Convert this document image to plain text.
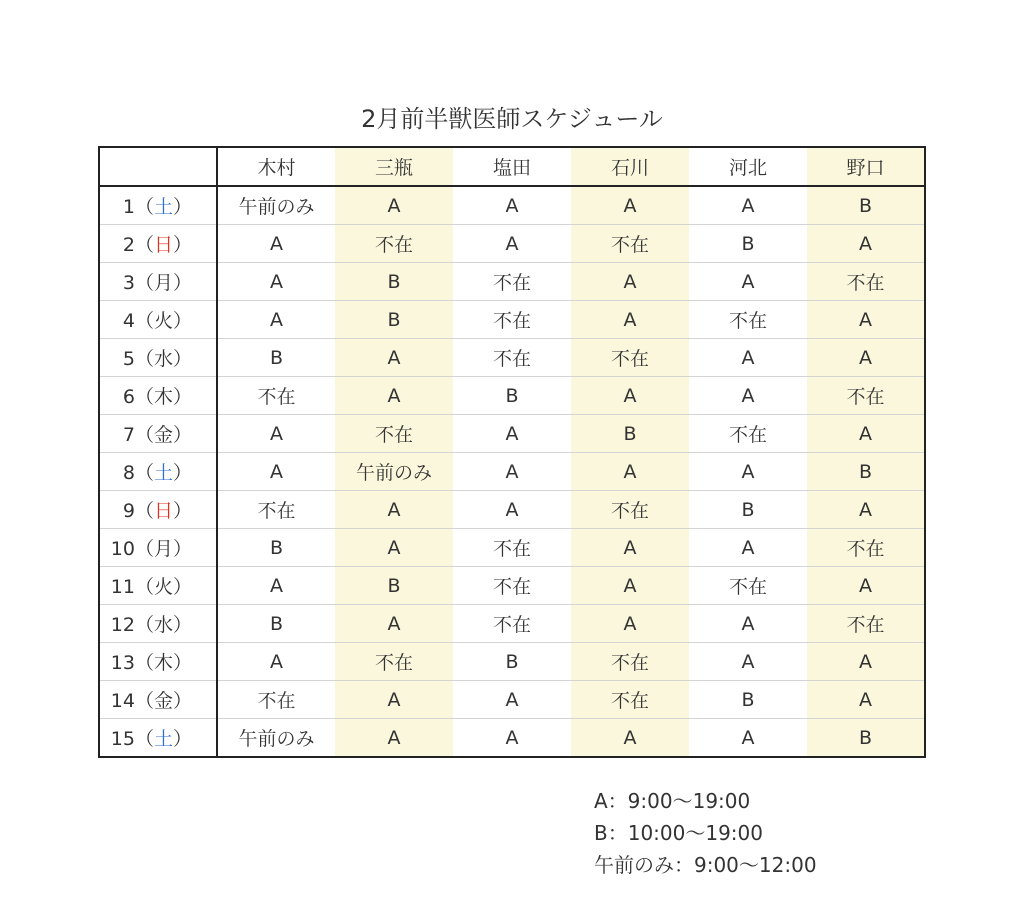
2月前半獣医師スケジュール
	木村	三瓶	塩田	石川	河北	野口
1（土）	午前のみ	A	A	A	A	B
2（日）	A	不在	A	不在	B	A
3（月）	A	B	不在	A	A	不在
4（火）	A	B	不在	A	不在	A
5（水）	B	A	不在	不在	A	A
6（木）	不在	A	B	A	A	不在
7（金）	A	不在	A	B	不在	A
8（土）	A	午前のみ	A	A	A	B
9（日）	不在	A	A	不在	B	A
10（月）	B	A	不在	A	A	不在
11（火）	A	B	不在	A	不在	A
12（水）	B	A	不在	A	A	不在
13（木）	A	不在	B	不在	A	A
14（金）	不在	A	A	不在	B	A
15（土）	午前のみ	A	A	A	A	B
A：9:00〜19:00
B：10:00〜19:00
午前のみ：9:00〜12:00
